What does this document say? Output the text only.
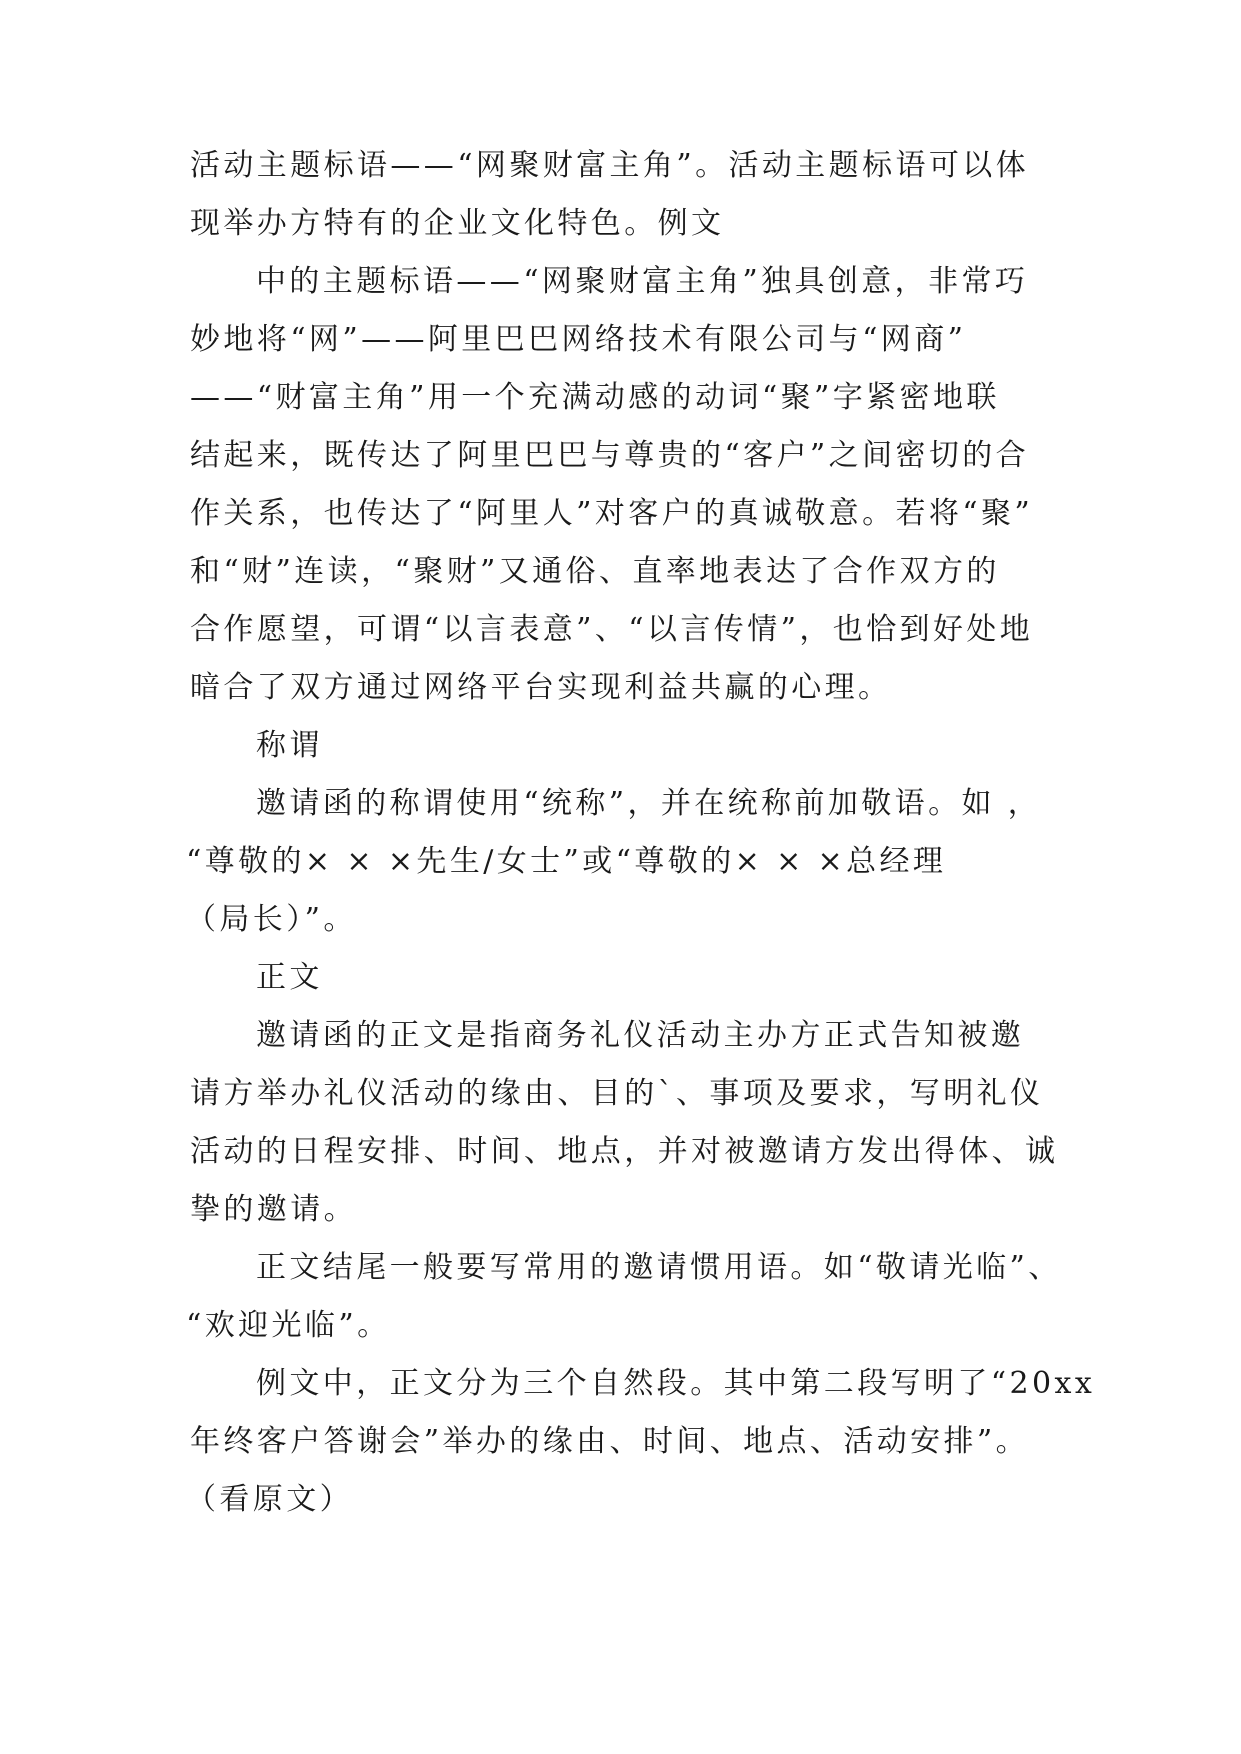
活动主题标语——“网聚财富主角”。活动主题标语可以体
现举办方特有的企业文化特色。例文
中的主题标语——“网聚财富主角”独具创意，非常巧
妙地将“网”——阿里巴巴网络技术有限公司与“网商”
——“财富主角”用一个充满动感的动词“聚”字紧密地联
结起来，既传达了阿里巴巴与尊贵的“客户”之间密切的合
作关系，也传达了“阿里人”对客户的真诚敬意。若将“聚”
和“财”连读，“聚财”又通俗、直率地表达了合作双方的
合作愿望，可谓“以言表意”、“以言传情”，也恰到好处地
暗合了双方通过网络平台实现利益共赢的心理。
称谓
邀请函的称谓使用“统称”，并在统称前加敬语。如 ，
“尊敬的× × ×先生/女士”或“尊敬的× × ×总经理
（局长）”。
正文
邀请函的正文是指商务礼仪活动主办方正式告知被邀
请方举办礼仪活动的缘由、目的`、事项及要求，写明礼仪
活动的日程安排、时间、地点，并对被邀请方发出得体、诚
挚的邀请。
正文结尾一般要写常用的邀请惯用语。如“敬请光临”、
“欢迎光临”。
例文中，正文分为三个自然段。其中第二段写明了“20xx
年终客户答谢会”举办的缘由、时间、地点、活动安排”。
（看原文）
